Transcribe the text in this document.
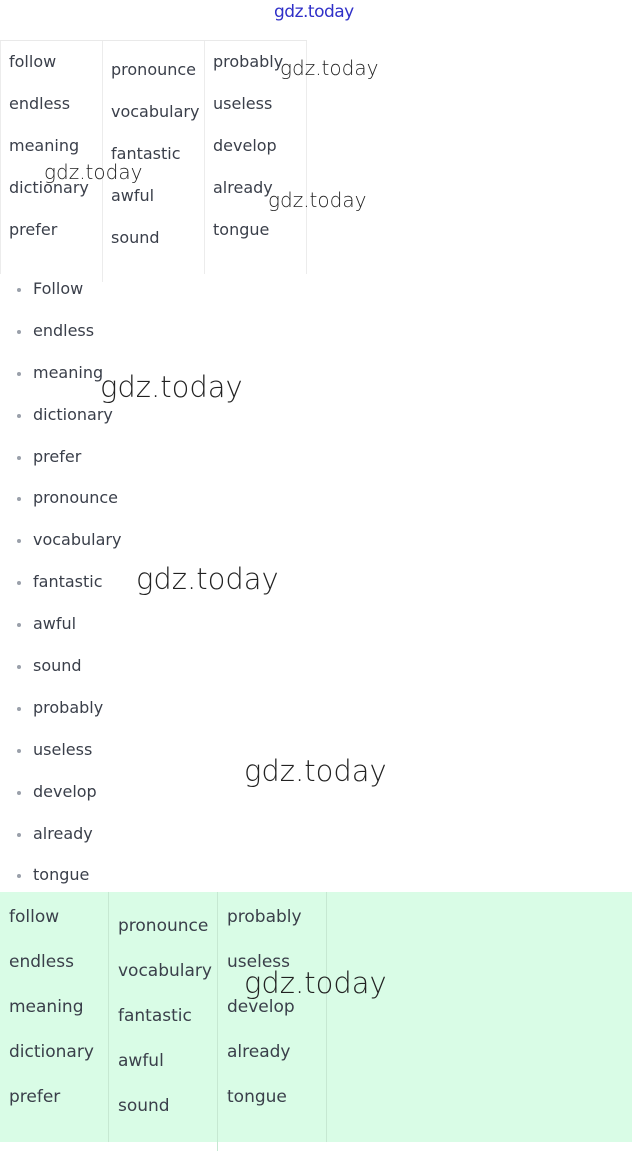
gdz.today
follow
endless
meaning
dictionary
prefer
pronounce
vocabulary
fantastic
awful
sound
probably
useless
develop
already
tongue
Follow
endless
meaning
dictionary
prefer
pronounce
vocabulary
fantastic
awful
sound
probably
useless
develop
already
tongue
follow
endless
meaning
dictionary
prefer
pronounce
vocabulary
fantastic
awful
sound
probably
useless
develop
already
tongue
gdz.today
gdz.today
gdz.today
gdz.today
gdz.today
gdz.today
gdz.today
